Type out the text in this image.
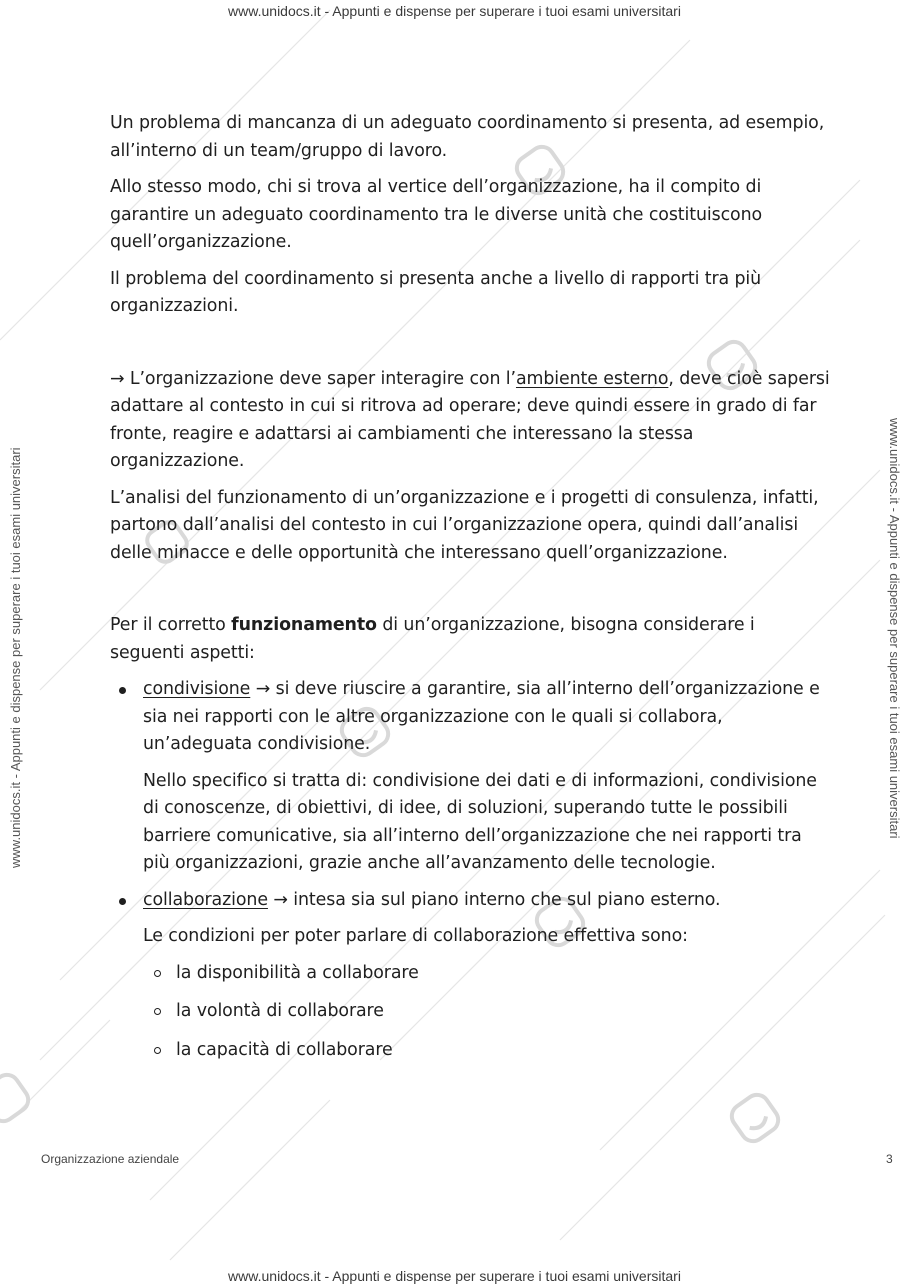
www.unidocs.it - Appunti e dispense per superare i tuoi esami universitari
www.unidocs.it - Appunti e dispense per superare i tuoi esami universitari	www.unidocs.it - Appunti e dispense per superare i tuoi esami universitari

Un problema di mancanza di un adeguato coordinamento si presenta, ad esempio, all’interno di un team/gruppo di lavoro.

Allo stesso modo, chi si trova al vertice dell’organizzazione, ha il compito di garantire un adeguato coordinamento tra le diverse unità che costituiscono quell’organizzazione.

Il problema del coordinamento si presenta anche a livello di rapporti tra più organizzazioni.

→ L’organizzazione deve saper interagire con l’ambiente esterno, deve cioè sapersi adattare al contesto in cui si ritrova ad operare; deve quindi essere in grado di far fronte, reagire e adattarsi ai cambiamenti che interessano la stessa organizzazione.

L’analisi del funzionamento di un’organizzazione e i progetti di consulenza, infatti, partono dall’analisi del contesto in cui l’organizzazione opera, quindi dall’analisi delle minacce e delle opportunità che interessano quell’organizzazione.

Per il corretto funzionamento di un’organizzazione, bisogna considerare i seguenti aspetti:

condivisione → si deve riuscire a garantire, sia all’interno dell’organizzazione e sia nei rapporti con le altre organizzazione con le quali si collabora, un’adeguata condivisione.

Nello specifico si tratta di: condivisione dei dati e di informazioni, condivisione di conoscenze, di obiettivi, di idee, di soluzioni, superando tutte le possibili barriere comunicative, sia all’interno dell’organizzazione che nei rapporti tra più organizzazioni, grazie anche all’avanzamento delle tecnologie.

collaborazione → intesa sia sul piano interno che sul piano esterno.

Le condizioni per poter parlare di collaborazione effettiva sono:

la disponibilità a collaborare
la volontà di collaborare
la capacità di collaborare
Organizzazione aziendale	3
www.unidocs.it - Appunti e dispense per superare i tuoi esami universitari
